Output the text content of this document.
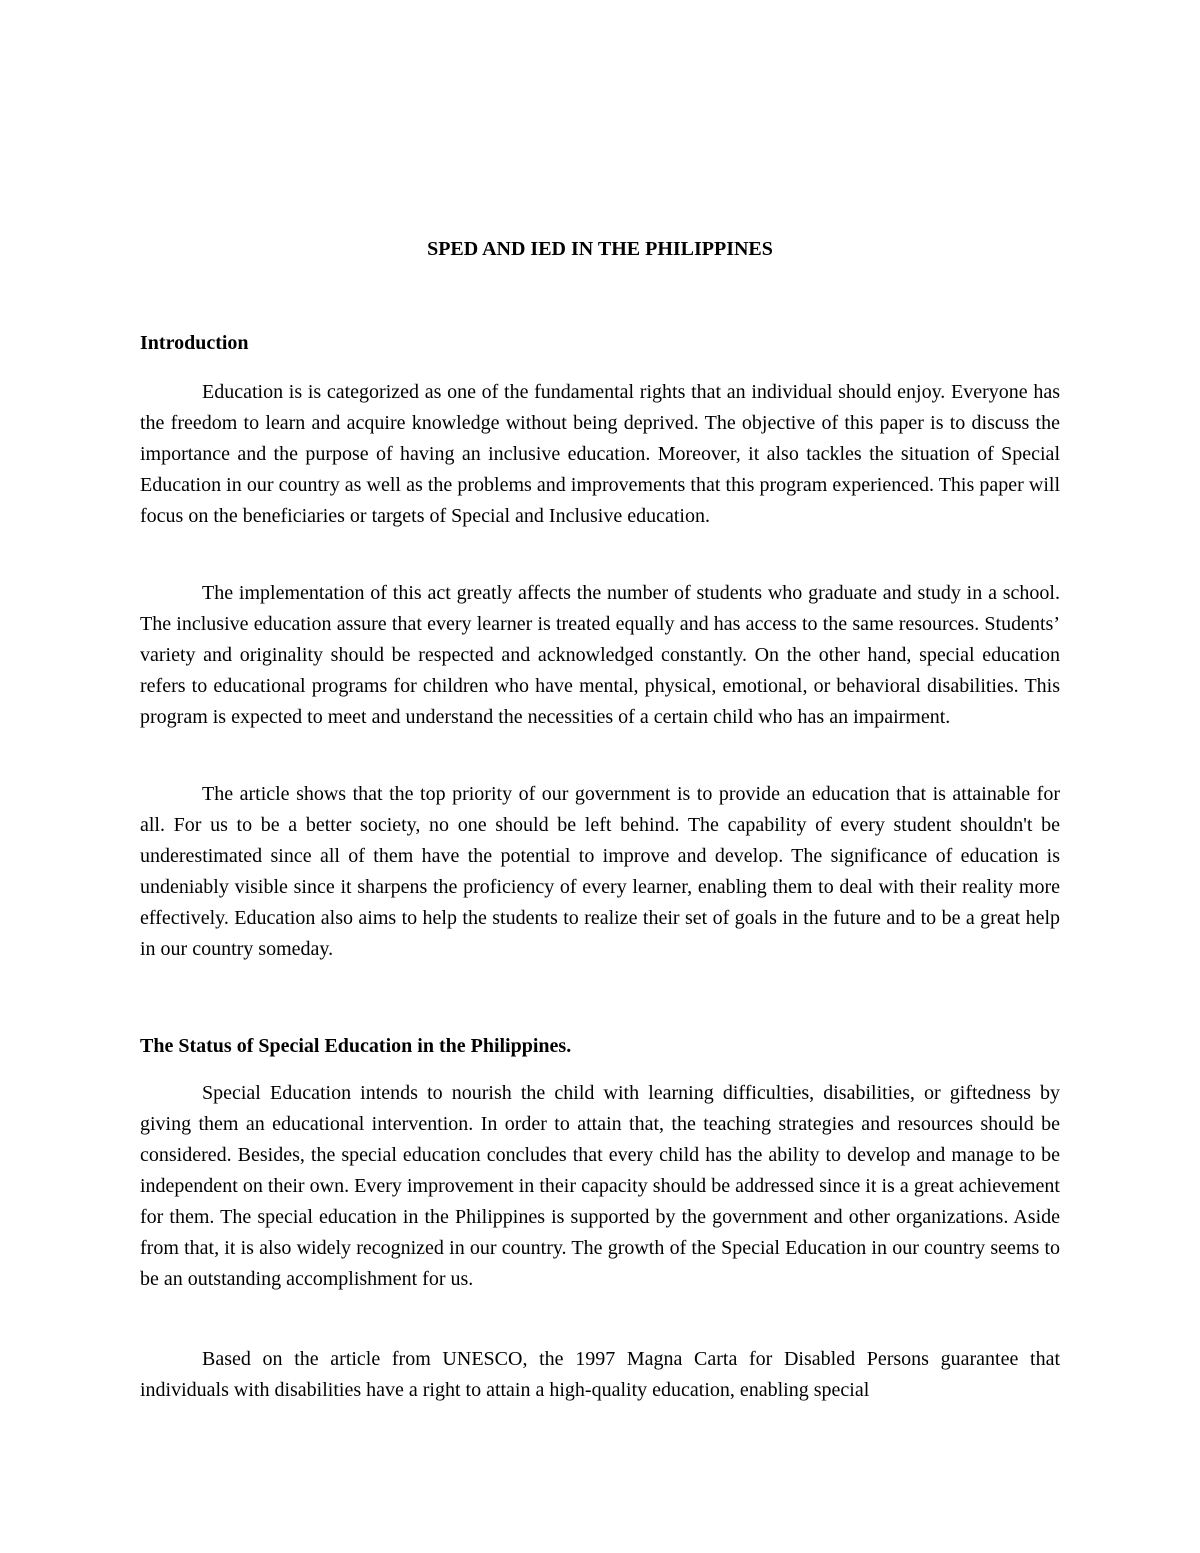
SPED AND IED IN THE PHILIPPINES
Introduction

Education is is categorized as one of the fundamental rights that an individual should enjoy. Everyone has the freedom to learn and acquire knowledge without being deprived. The objective of this paper is to discuss the importance and the purpose of having an inclusive education. Moreover, it also tackles the situation of Special Education in our country as well as the problems and improvements that this program experienced. This paper will focus on the beneficiaries or targets of Special and Inclusive education.

The implementation of this act greatly affects the number of students who graduate and study in a school. The inclusive education assure that every learner is treated equally and has access to the same resources. Students’ variety and originality should be respected and acknowledged constantly. On the other hand, special education refers to educational programs for children who have mental, physical, emotional, or behavioral disabilities. This program is expected to meet and understand the necessities of a certain child who has an impairment.

The article shows that the top priority of our government is to provide an education that is attainable for all. For us to be a better society, no one should be left behind. The capability of every student shouldn't be underestimated since all of them have the potential to improve and develop. The significance of education is undeniably visible since it sharpens the proficiency of every learner, enabling them to deal with their reality more effectively. Education also aims to help the students to realize their set of goals in the future and to be a great help in our country someday.

The Status of Special Education in the Philippines.

Special Education intends to nourish the child with learning difficulties, disabilities, or giftedness by giving them an educational intervention. In order to attain that, the teaching strategies and resources should be considered. Besides, the special education concludes that every child has the ability to develop and manage to be independent on their own. Every improvement in their capacity should be addressed since it is a great achievement for them. The special education in the Philippines is supported by the government and other organizations. Aside from that, it is also widely recognized in our country. The growth of the Special Education in our country seems to be an outstanding accomplishment for us.

Based on the article from UNESCO, the 1997 Magna Carta for Disabled Persons guarantee that individuals with disabilities have a right to attain a high-quality education, enabling special
